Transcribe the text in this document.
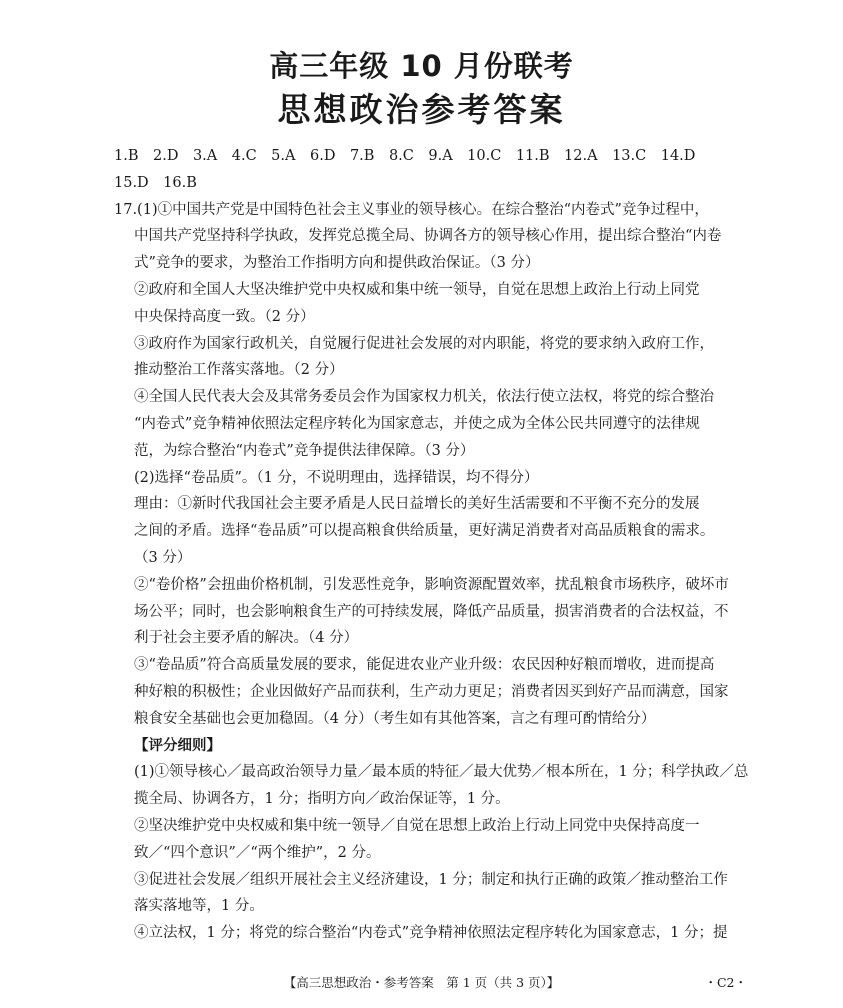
高三年级 10 月份联考
思想政治参考答案
1.B　2.D　3.A　4.C　5.A　6.D　7.B　8.C　9.A　10.C　11.B　12.A　13.C　14.D
15.D　16.B
17.(1)①中国共产党是中国特色社会主义事业的领导核心。在综合整治“内卷式”竞争过程中，
中国共产党坚持科学执政，发挥党总揽全局、协调各方的领导核心作用，提出综合整治“内卷
式”竞争的要求，为整治工作指明方向和提供政治保证。（3 分）
②政府和全国人大坚决维护党中央权威和集中统一领导，自觉在思想上政治上行动上同党
中央保持高度一致。（2 分）
③政府作为国家行政机关，自觉履行促进社会发展的对内职能，将党的要求纳入政府工作，
推动整治工作落实落地。（2 分）
④全国人民代表大会及其常务委员会作为国家权力机关，依法行使立法权，将党的综合整治
“内卷式”竞争精神依照法定程序转化为国家意志，并使之成为全体公民共同遵守的法律规
范，为综合整治“内卷式”竞争提供法律保障。（3 分）
(2)选择“卷品质”。（1 分，不说明理由，选择错误，均不得分）
理由：①新时代我国社会主要矛盾是人民日益增长的美好生活需要和不平衡不充分的发展
之间的矛盾。选择“卷品质”可以提高粮食供给质量，更好满足消费者对高品质粮食的需求。
（3 分）
②“卷价格”会扭曲价格机制，引发恶性竞争，影响资源配置效率，扰乱粮食市场秩序，破坏市
场公平；同时，也会影响粮食生产的可持续发展，降低产品质量，损害消费者的合法权益，不
利于社会主要矛盾的解决。（4 分）
③“卷品质”符合高质量发展的要求，能促进农业产业升级：农民因种好粮而增收，进而提高
种好粮的积极性；企业因做好产品而获利，生产动力更足；消费者因买到好产品而满意，国家
粮食安全基础也会更加稳固。（4 分）（考生如有其他答案，言之有理可酌情给分）
【评分细则】
(1)①领导核心／最高政治领导力量／最本质的特征／最大优势／根本所在，1 分；科学执政／总
揽全局、协调各方，1 分；指明方向／政治保证等，1 分。
②坚决维护党中央权威和集中统一领导／自觉在思想上政治上行动上同党中央保持高度一
致／“四个意识”／“两个维护”，2 分。
③促进社会发展／组织开展社会主义经济建设，1 分；制定和执行正确的政策／推动整治工作
落实落地等，1 分。
④立法权，1 分；将党的综合整治“内卷式”竞争精神依照法定程序转化为国家意志，1 分；提
【高三思想政治・参考答案　第 1 页（共 3 页）】	・C2・
